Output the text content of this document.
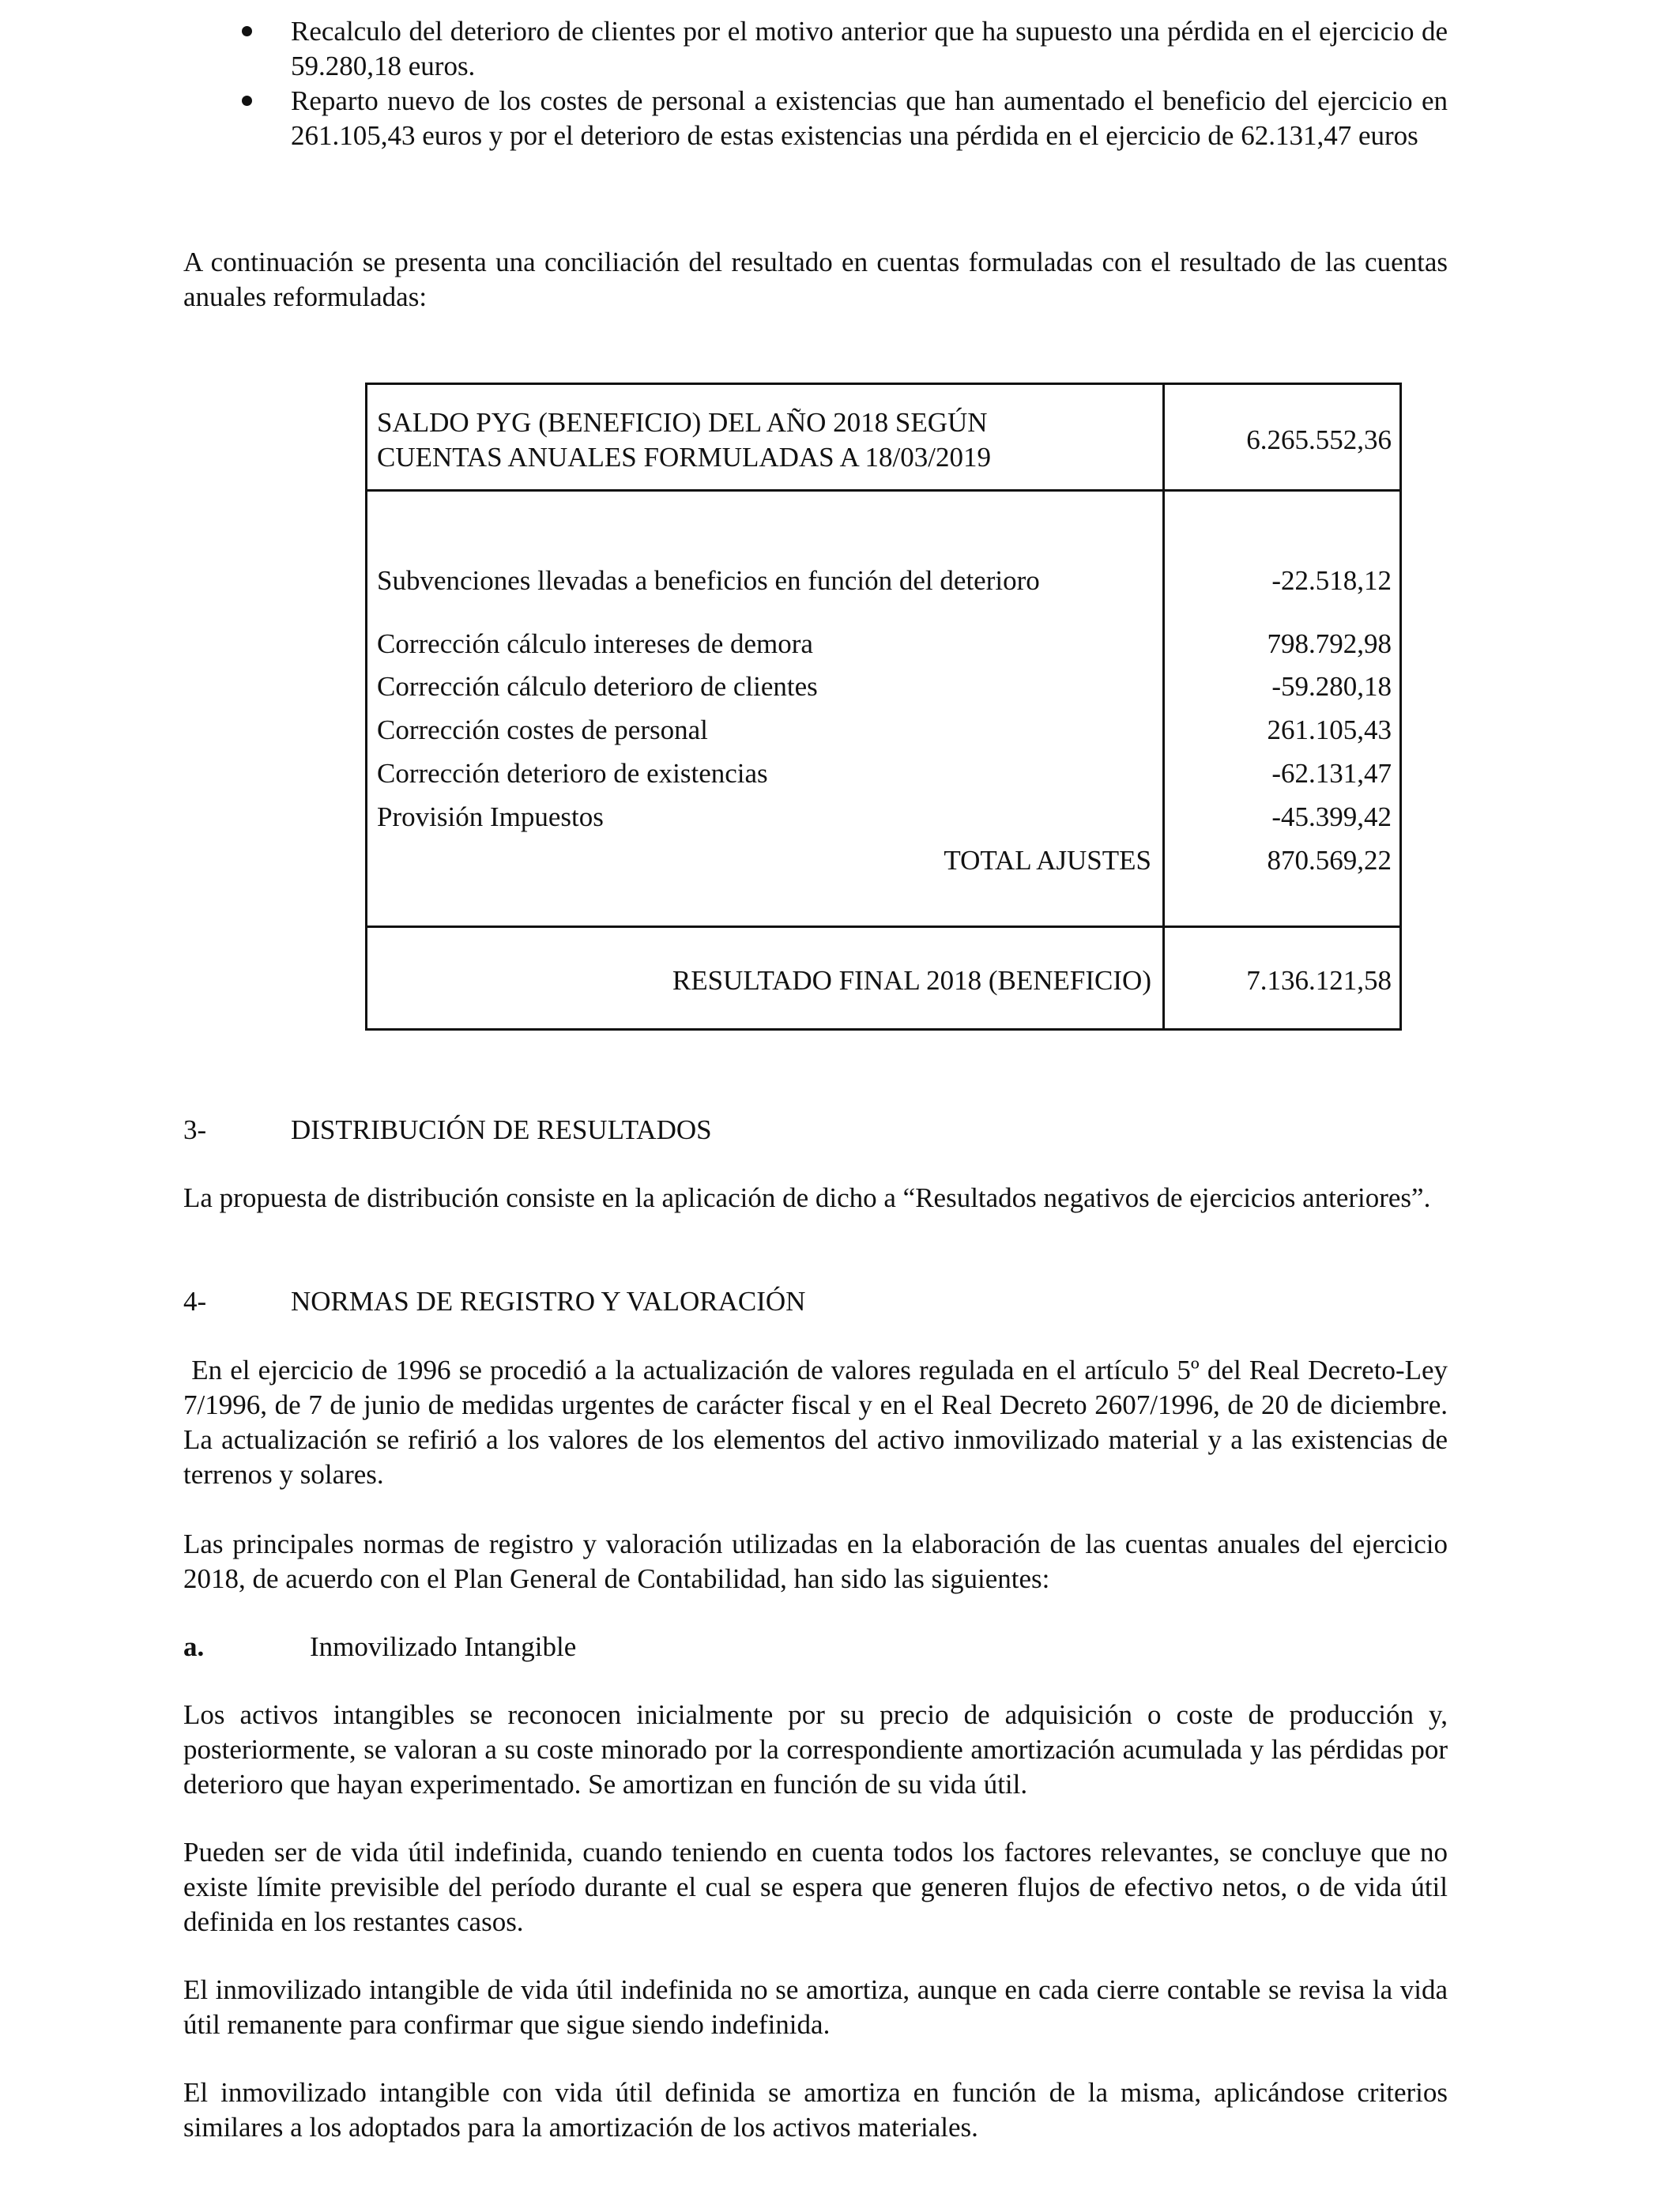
Recalculo del deterioro de clientes por el motivo anterior que ha supuesto una pérdida en el ejercicio de 59.280,18 euros.
Reparto nuevo de los costes de personal a existencias que han aumentado el beneficio del ejercicio en 261.105,43 euros y por el deterioro de estas existencias una pérdida en el ejercicio de 62.131,47 euros

A continuación se presenta una conciliación del resultado en cuentas formuladas con el resultado de las cuentas anuales reformuladas:

SALDO PYG (BENEFICIO) DEL AÑO 2018 SEGÚN
CUENTAS ANUALES FORMULADAS A 18/03/2019
6.265.552,36
Subvenciones llevadas a beneficios en función del deterioro	-22.518,12
Corrección cálculo intereses de demora	798.792,98
Corrección cálculo deterioro de clientes	-59.280,18
Corrección costes de personal	261.105,43
Corrección deterioro de existencias	-62.131,47
Provisión Impuestos	-45.399,42
TOTAL AJUSTES	870.569,22
RESULTADO FINAL 2018 (BENEFICIO)	7.136.121,58
3-	DISTRIBUCIÓN DE RESULTADOS

La propuesta de distribución consiste en la aplicación de dicho a “Resultados negativos de ejercicios anteriores”.

4-	NORMAS DE REGISTRO Y VALORACIÓN

En el ejercicio de 1996 se procedió a la actualización de valores regulada en el artículo 5º del Real Decreto-Ley 7/1996, de 7 de junio de medidas urgentes de carácter fiscal y en el Real Decreto 2607/1996, de 20 de diciembre. La actualización se refirió a los valores de los elementos del activo inmovilizado material y a las existencias de terrenos y solares.

Las principales normas de registro y valoración utilizadas en la elaboración de las cuentas anuales del ejercicio 2018, de acuerdo con el Plan General de Contabilidad, han sido las siguientes:

a.	Inmovilizado Intangible

Los activos intangibles se reconocen inicialmente por su precio de adquisición o coste de producción y, posteriormente, se valoran a su coste minorado por la correspondiente amortización acumulada y las pérdidas por deterioro que hayan experimentado. Se amortizan en función de su vida útil.

Pueden ser de vida útil indefinida, cuando teniendo en cuenta todos los factores relevantes, se concluye que no existe límite previsible del período durante el cual se espera que generen flujos de efectivo netos, o de vida útil definida en los restantes casos.

El inmovilizado intangible de vida útil indefinida no se amortiza, aunque en cada cierre contable se revisa la vida útil remanente para confirmar que sigue siendo indefinida.

El inmovilizado intangible con vida útil definida se amortiza en función de la misma, aplicándose criterios similares a los adoptados para la amortización de los activos materiales.
